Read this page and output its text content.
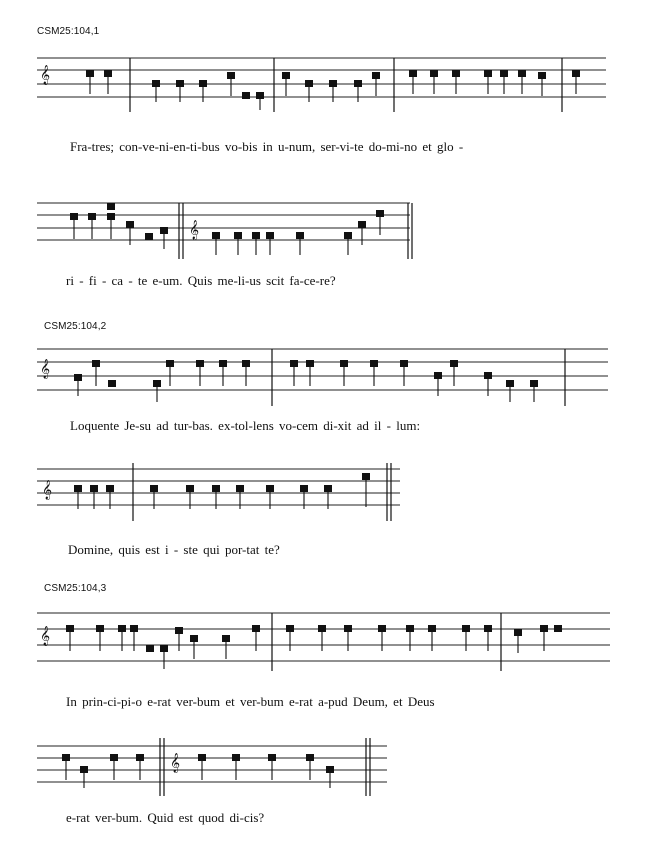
CSM25:104,1
𝄞
Fra-tres; con-ve-ni-en-ti-bus vo-bis in u-num, ser-vi-te do-mi-no et glo -
𝄞
ri - fi - ca - te e-um. Quis me-li-us scit fa-ce-re?
CSM25:104,2
𝄞
Loquente Je-su ad tur-bas. ex-tol-lens vo-cem di-xit ad il - lum:
𝄞
Domine, quis est i - ste qui por-tat te?
CSM25:104,3
𝄞
In prin-ci-pi-o e-rat ver-bum et ver-bum e-rat a-pud Deum, et Deus
𝄞
e-rat ver-bum. Quid est quod di-cis?
